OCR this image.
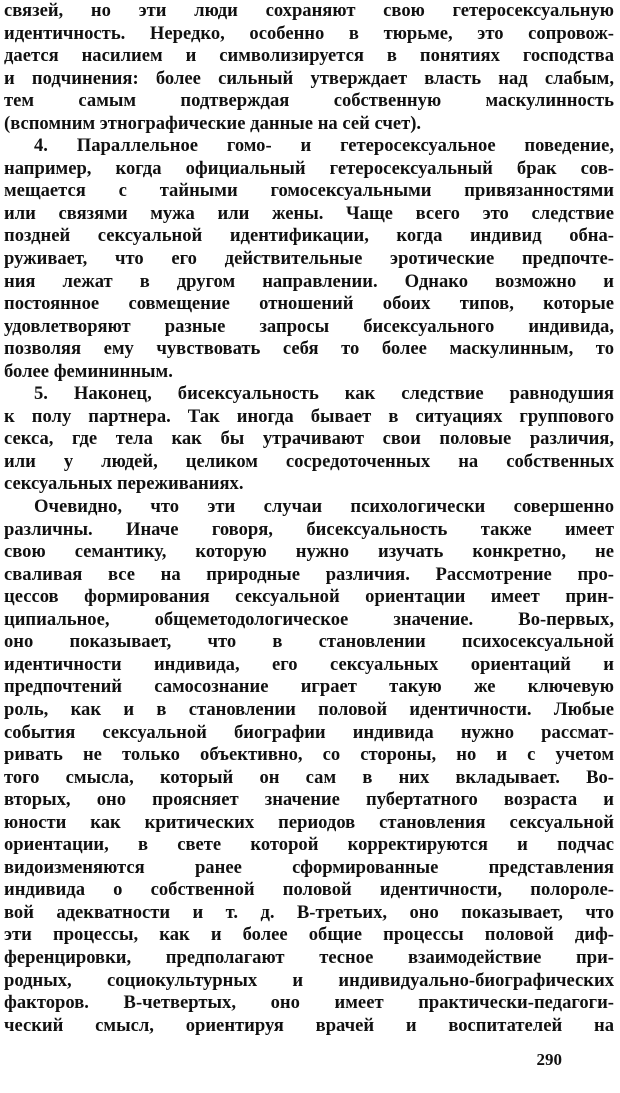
связей, но эти люди сохраняют свою гетеросексуальную
идентичность. Нередко, особенно в тюрьме, это сопровож-
дается насилием и символизируется в понятиях господства
и подчинения: более сильный утверждает власть над слабым,
тем самым подтверждая собственную маскулинность
(вспомним этнографические данные на сей счет).
4. Параллельное гомо- и гетеросексуальное поведение,
например, когда официальный гетеросексуальный брак сов-
мещается с тайными гомосексуальными привязанностями
или связями мужа или жены. Чаще всего это следствие
поздней сексуальной идентификации, когда индивид обна-
руживает, что его действительные эротические предпочте-
ния лежат в другом направлении. Однако возможно и
постоянное совмещение отношений обоих типов, которые
удовлетворяют разные запросы бисексуального индивида,
позволяя ему чувствовать себя то более маскулинным, то
более фемининным.
5. Наконец, бисексуальность как следствие равнодушия
к полу партнера. Так иногда бывает в ситуациях группового
секса, где тела как бы утрачивают свои половые различия,
или у людей, целиком сосредоточенных на собственных
сексуальных переживаниях.
Очевидно, что эти случаи психологически совершенно
различны. Иначе говоря, бисексуальность также имеет
свою семантику, которую нужно изучать конкретно, не
сваливая все на природные различия. Рассмотрение про-
цессов формирования сексуальной ориентации имеет прин-
ципиальное, общеметодологическое значение. Во-первых,
оно показывает, что в становлении психосексуальной
идентичности индивида, его сексуальных ориентаций и
предпочтений самосознание играет такую же ключевую
роль, как и в становлении половой идентичности. Любые
события сексуальной биографии индивида нужно рассмат-
ривать не только объективно, со стороны, но и с учетом
того смысла, который он сам в них вкладывает. Во-
вторых, оно проясняет значение пубертатного возраста и
юности как критических периодов становления сексуальной
ориентации, в свете которой корректируются и подчас
видоизменяются ранее сформированные представления
индивида о собственной половой идентичности, полороле-
вой адекватности и т. д. В-третьих, оно показывает, что
эти процессы, как и более общие процессы половой диф-
ференцировки, предполагают тесное взаимодействие при-
родных, социокультурных и индивидуально-биографических
факторов. В-четвертых, оно имеет практически-педагоги-
ческий смысл, ориентируя врачей и воспитателей на
290
